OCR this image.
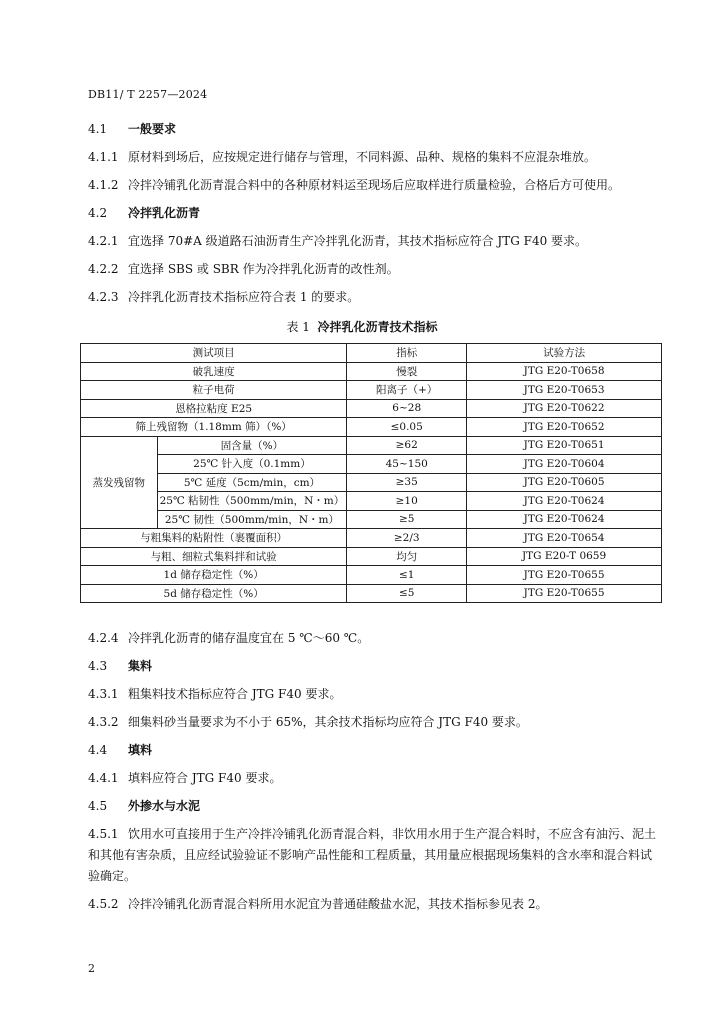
DB11/ T 2257—2024
4.1 一般要求
4.1.1 原材料到场后，应按规定进行储存与管理，不同料源、品种、规格的集料不应混杂堆放。
4.1.2 冷拌冷铺乳化沥青混合料中的各种原材料运至现场后应取样进行质量检验，合格后方可使用。
4.2 冷拌乳化沥青
4.2.1 宜选择 70#A 级道路石油沥青生产冷拌乳化沥青，其技术指标应符合 JTG F40 要求。
4.2.2 宜选择 SBS 或 SBR 作为冷拌乳化沥青的改性剂。
4.2.3 冷拌乳化沥青技术指标应符合表 1 的要求。
表 1 冷拌乳化沥青技术指标
测试项目		指标	试验方法
破乳速度		慢裂	JTG E20-T0658
粒子电荷		阳离子（+）	JTG E20-T0653
恩格拉粘度 E25		6~28	JTG E20-T0622
筛上残留物（1.18mm 筛）（%）		≤0.05	JTG E20-T0652
蒸发残留物	固含量（%）	≥62	JTG E20-T0651
	25℃ 针入度（0.1mm）	45~150	JTG E20-T0604
	5℃ 延度（5cm/min，cm）	≥35	JTG E20-T0605
	25℃ 粘韧性（500mm/min，N・m）	≥10	JTG E20-T0624
	25℃ 韧性（500mm/min，N・m）	≥5	JTG E20-T0624
与粗集料的粘附性（裹覆面积）		≥2/3	JTG E20-T0654
与粗、细粒式集料拌和试验		均匀	JTG E20-T 0659
1d 储存稳定性（%）		≤1	JTG E20-T0655
5d 储存稳定性（%）		≤5	JTG E20-T0655
4.2.4 冷拌乳化沥青的储存温度宜在 5 ℃～60 ℃。
4.3 集料
4.3.1 粗集料技术指标应符合 JTG F40 要求。
4.3.2 细集料砂当量要求为不小于 65%，其余技术指标均应符合 JTG F40 要求。
4.4 填料
4.4.1 填料应符合 JTG F40 要求。
4.5 外掺水与水泥
4.5.1 饮用水可直接用于生产冷拌冷铺乳化沥青混合料，非饮用水用于生产混合料时，不应含有油污、泥土和其他有害杂质，且应经试验验证不影响产品性能和工程质量，其用量应根据现场集料的含水率和混合料试验确定。
4.5.2 冷拌冷铺乳化沥青混合料所用水泥宜为普通硅酸盐水泥，其技术指标参见表 2。
2
